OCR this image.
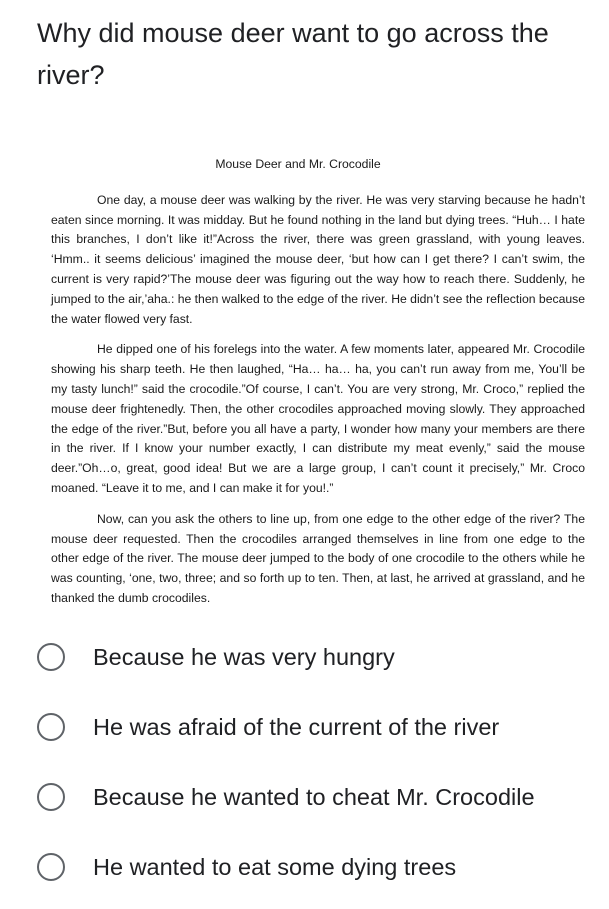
Why did mouse deer want to go across the river?
Mouse Deer and Mr. Crocodile

One day, a mouse deer was walking by the river. He was very starving because he hadn’t eaten since morning. It was midday. But he found nothing in the land but dying trees. “Huh… I hate this branches, I don’t like it!”Across the river, there was green grassland, with young leaves. ‘Hmm.. it seems delicious’ imagined the mouse deer, ‘but how can I get there? I can’t swim, the current is very rapid?’The mouse deer was figuring out the way how to reach there. Suddenly, he jumped to the air,’aha.: he then walked to the edge of the river. He didn’t see the reflection because the water flowed very fast.

He dipped one of his forelegs into the water. A few moments later, appeared Mr. Crocodile showing his sharp teeth. He then laughed, “Ha… ha… ha, you can’t run away from me, You’ll be my tasty lunch!” said the crocodile.”Of course, I can’t. You are very strong, Mr. Croco,” replied the mouse deer frightenedly. Then, the other crocodiles approached moving slowly. They approached the edge of the river.”But, before you all have a party, I wonder how many your members are there in the river. If I know your number exactly, I can distribute my meat evenly,” said the mouse deer.”Oh…o, great, good idea! But we are a large group, I can’t count it precisely,” Mr. Croco moaned. “Leave it to me, and I can make it for you!.”

Now, can you ask the others to line up, from one edge to the other edge of the river? The mouse deer requested. Then the crocodiles arranged themselves in line from one edge to the other edge of the river. The mouse deer jumped to the body of one crocodile to the others while he was counting, ‘one, two, three; and so forth up to ten. Then, at last, he arrived at grassland, and he thanked the dumb crocodiles.

Because he was very hungry
He was afraid of the current of the river
Because he wanted to cheat Mr. Crocodile
He wanted to eat some dying trees
